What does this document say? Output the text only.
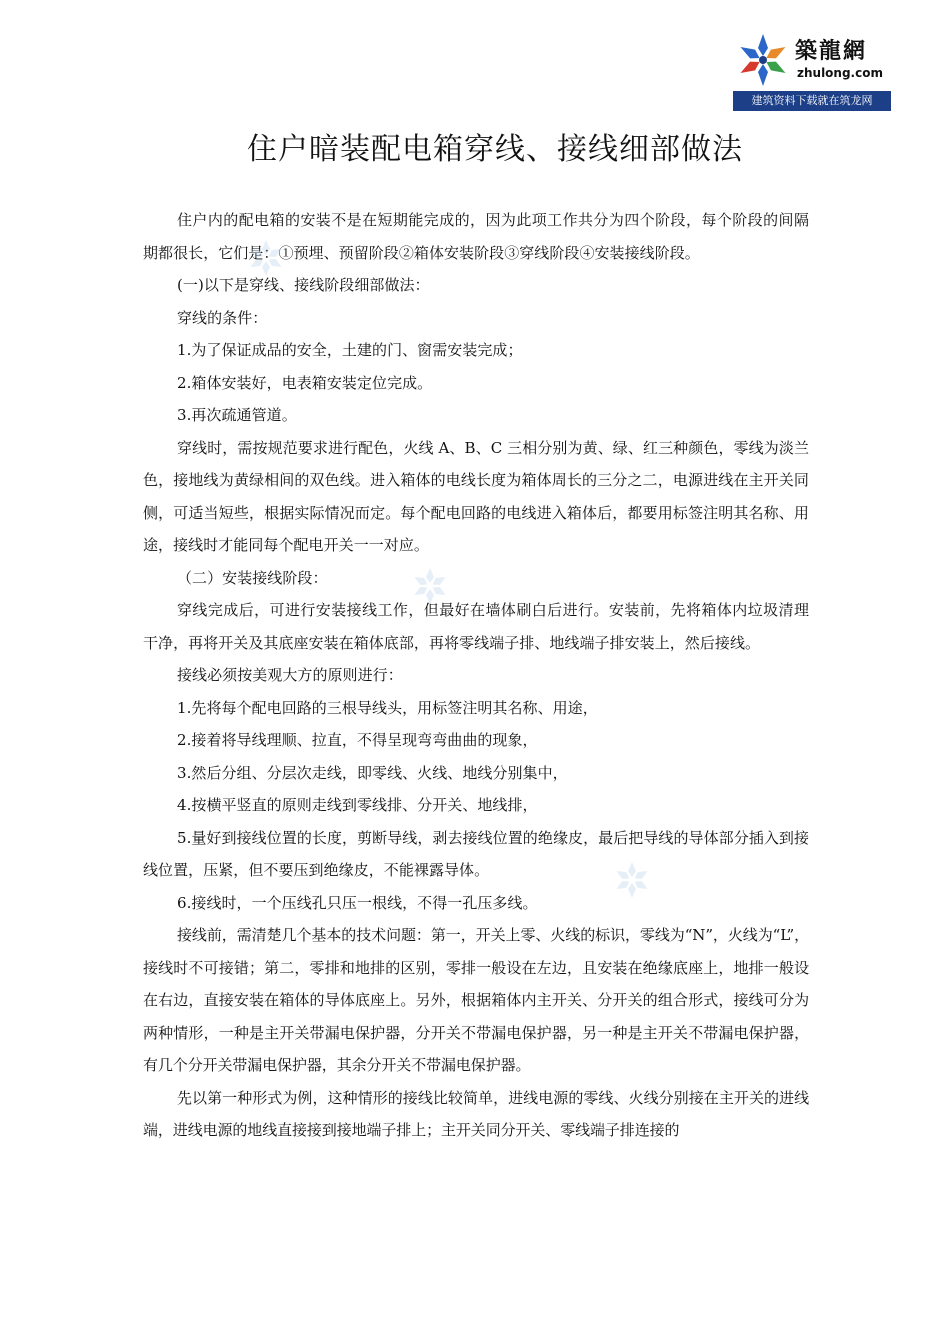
築龍網
zhulong.com
建筑资料下载就在筑龙网
住户暗装配电箱穿线、接线细部做法

住户内的配电箱的安装不是在短期能完成的，因为此项工作共分为四个阶段，每个阶段的间隔期都很长，它们是：①预埋、预留阶段②箱体安装阶段③穿线阶段④安装接线阶段。

(一)以下是穿线、接线阶段细部做法：

穿线的条件：

1.为了保证成品的安全，土建的门、窗需安装完成；

2.箱体安装好，电表箱安装定位完成。

3.再次疏通管道。

穿线时，需按规范要求进行配色，火线 A、B、C 三相分别为黄、绿、红三种颜色，零线为淡兰色，接地线为黄绿相间的双色线。进入箱体的电线长度为箱体周长的三分之二，电源进线在主开关同侧，可适当短些，根据实际情况而定。每个配电回路的电线进入箱体后，都要用标签注明其名称、用途，接线时才能同每个配电开关一一对应。

（二）安装接线阶段：

穿线完成后，可进行安装接线工作，但最好在墙体刷白后进行。安装前，先将箱体内垃圾清理干净，再将开关及其底座安装在箱体底部，再将零线端子排、地线端子排安装上，然后接线。

接线必须按美观大方的原则进行：

1.先将每个配电回路的三根导线头，用标签注明其名称、用途，

2.接着将导线理顺、拉直，不得呈现弯弯曲曲的现象，

3.然后分组、分层次走线，即零线、火线、地线分别集中，

4.按横平竖直的原则走线到零线排、分开关、地线排，

5.量好到接线位置的长度，剪断导线，剥去接线位置的绝缘皮，最后把导线的导体部分插入到接线位置，压紧，但不要压到绝缘皮，不能裸露导体。

6.接线时，一个压线孔只压一根线，不得一孔压多线。

接线前，需清楚几个基本的技术问题：第一，开关上零、火线的标识，零线为“N”，火线为“L”，接线时不可接错；第二，零排和地排的区别，零排一般设在左边，且安装在绝缘底座上，地排一般设在右边，直接安装在箱体的导体底座上。另外，根据箱体内主开关、分开关的组合形式，接线可分为两种情形，一种是主开关带漏电保护器，分开关不带漏电保护器，另一种是主开关不带漏电保护器，有几个分开关带漏电保护器，其余分开关不带漏电保护器。

先以第一种形式为例，这种情形的接线比较简单，进线电源的零线、火线分别接在主开关的进线端，进线电源的地线直接接到接地端子排上；主开关同分开关、零线端子排连接的
